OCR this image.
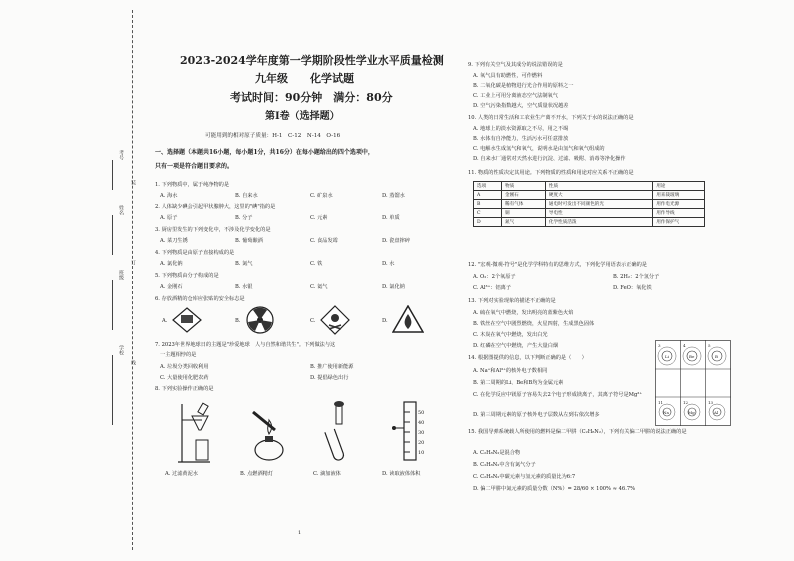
考号
姓名
班级
学校
装
订
线
2023-2024学年度第一学期阶段性学业水平质量检测
九年级　　化学试题
考试时间：90分钟　满分：80分
第Ⅰ卷（选择题）
可能用到的相对原子质量：H-1　C-12　N-14　O-16
一、选择题（本题共16小题，每小题1分，共16分）在每小题给出的四个选项中，
只有一项是符合题目要求的。
1. 下列物质中，属于纯净物的是
A. 海水	B. 自来水	C. 矿泉水	D. 蒸馏水
2. 人体缺少碘会引起甲状腺肿大，这里的"碘"指的是
A. 原子	B. 分子	C. 元素	D. 单质
3. 厨房里发生的下列变化中，不涉及化学变化的是
A. 菜刀生锈	B. 葡萄酿酒	C. 食品发霉	D. 瓷盘摔碎
4. 下列物质是由原子直接构成的是
A. 氯化钠	B. 氮气	C. 铁	D. 水
5. 下列物质由分子构成的是
A. 金刚石	B. 水银	C. 氦气	D. 氯化钠
6. 存放酒精的仓库应张贴的安全标志是
A.	B.	C.	D.
7. 2023年世界地球日的主题是"珍爱地球　人与自然和谐共生"。下列做法与这
一主题相悖的是
A. 垃圾分类回收利用	B. 推广使用新能源
C. 大量使用化肥农药	D. 提倡绿色出行
8. 下列实验操作正确的是
A. 过滤黄泥水	B. 点燃酒精灯	C. 滴加液体
50
40
30
20
10
D. 读取液体体积
1
9. 下列有关空气及其成分的说法错误的是
A. 氧气具有助燃性，可作燃料
B. 二氧化碳是植物进行光合作用的原料之一
C. 工业上可用分离液态空气法制氧气
D. 空气污染指数越大，空气质量状况越差
10. 人类的日常生活和工农业生产离不开水，下列关于水的说法正确的是
A. 地球上的淡水资源取之不尽，用之不竭
B. 水体有自净能力，生活污水可任意排放
C. 电解水生成氢气和氧气，说明水是由氢气和氧气组成的
D. 自来水厂通常对天然水进行沉淀、过滤、吸附、消毒等净化操作
11. 物质的性质决定其用途。下列物质的性质和用途对应关系不正确的是
选项	物质	性质	用途
A	金刚石	硬度大	用来裁玻璃
B	稀有气体	通电时可发出不同颜色的光	用作电光源
C	铜	导电性	用作导线
D	氮气	化学性质活泼	用作保护气
12. "宏观-微观-符号"是化学学科特有的思维方式，下列化学用语表示正确的是
A. O₂：2个氧原子	B. 2H₂：2个氢分子
C. Al³⁺：铝离子	D. FeO：氧化铁
13. 下列对实验现象的描述不正确的是
A. 硫在氧气中燃烧，发出明亮的蓝紫色火焰
B. 铁丝在空气中剧烈燃烧，火星四射，生成黑色固体
C. 木炭在氧气中燃烧，发出白光
D. 红磷在空气中燃烧，产生大量白烟
14. 根据图提供的信息，以下判断正确的是（　　）
A. Na⁺和Al³⁺的核外电子数相同
B. 第二周期的Li、Be和B均为金属元素
C. 在化学反应中镁原子容易失去2个电子形成镁离子，其离子符号是Mg²⁺
D. 第三周期元素的原子核外电子层数从左到右依次增多
3
Li
4
Be
5
B
11
Na
12
Mg
13
Al
15. 我国导弹系统载人所使用的燃料是偏二甲肼（C₂H₈N₂），下列有关偏二甲肼的说法正确的是
A. C₂H₈N₂是混合物
B. C₂H₈N₂中含有氮气分子
C. C₂H₈N₂中碳元素与氢元素的质量比为6:7
D. 偏二甲肼中氮元素的质量分数（N%）= 28/60 × 100% ≈ 46.7%
